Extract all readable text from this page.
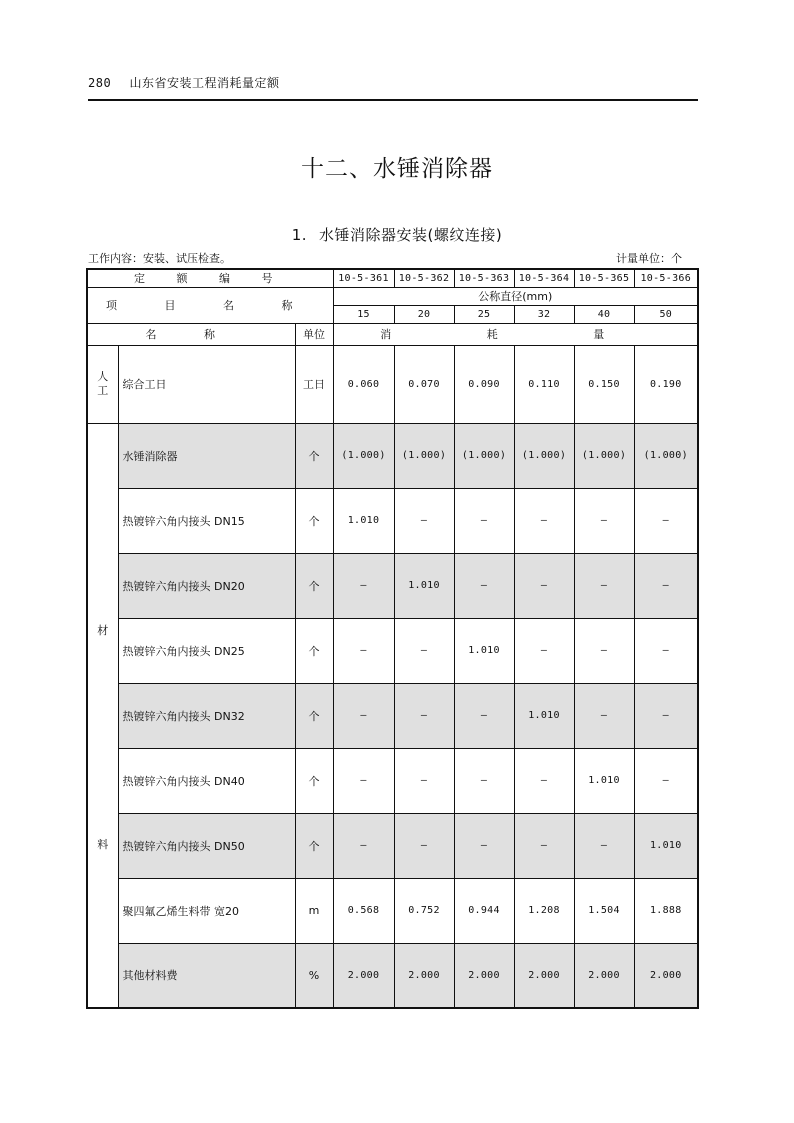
280 山东省安装工程消耗量定额
十二、水锤消除器
1. 水锤消除器安装(螺纹连接)
工作内容：安装、试压检查。	计量单位：个
定 额 编 号			10-5-361	10-5-362	10-5-363	10-5-364	10-5-365	10-5-366
项 目 名 称			公称直径(mm)					
			15	20	25	32	40	50
名 称		单位	消 耗 量					
人
工	综合工日	工日	0.060	0.070	0.090	0.110	0.150	0.190

材
料	水锤消除器	个	(1.000)	(1.000)	(1.000)	(1.000)	(1.000)	(1.000)
	热镀锌六角内接头 DN15	个	1.010	—	—	—	—	—
	热镀锌六角内接头 DN20	个	—	1.010	—	—	—	—
	热镀锌六角内接头 DN25	个	—	—	1.010	—	—	—
	热镀锌六角内接头 DN32	个	—	—	—	1.010	—	—
	热镀锌六角内接头 DN40	个	—	—	—	—	1.010	—
	热镀锌六角内接头 DN50	个	—	—	—	—	—	1.010
	聚四氟乙烯生料带 宽20	m	0.568	0.752	0.944	1.208	1.504	1.888
	其他材料费	%	2.000	2.000	2.000	2.000	2.000	2.000
